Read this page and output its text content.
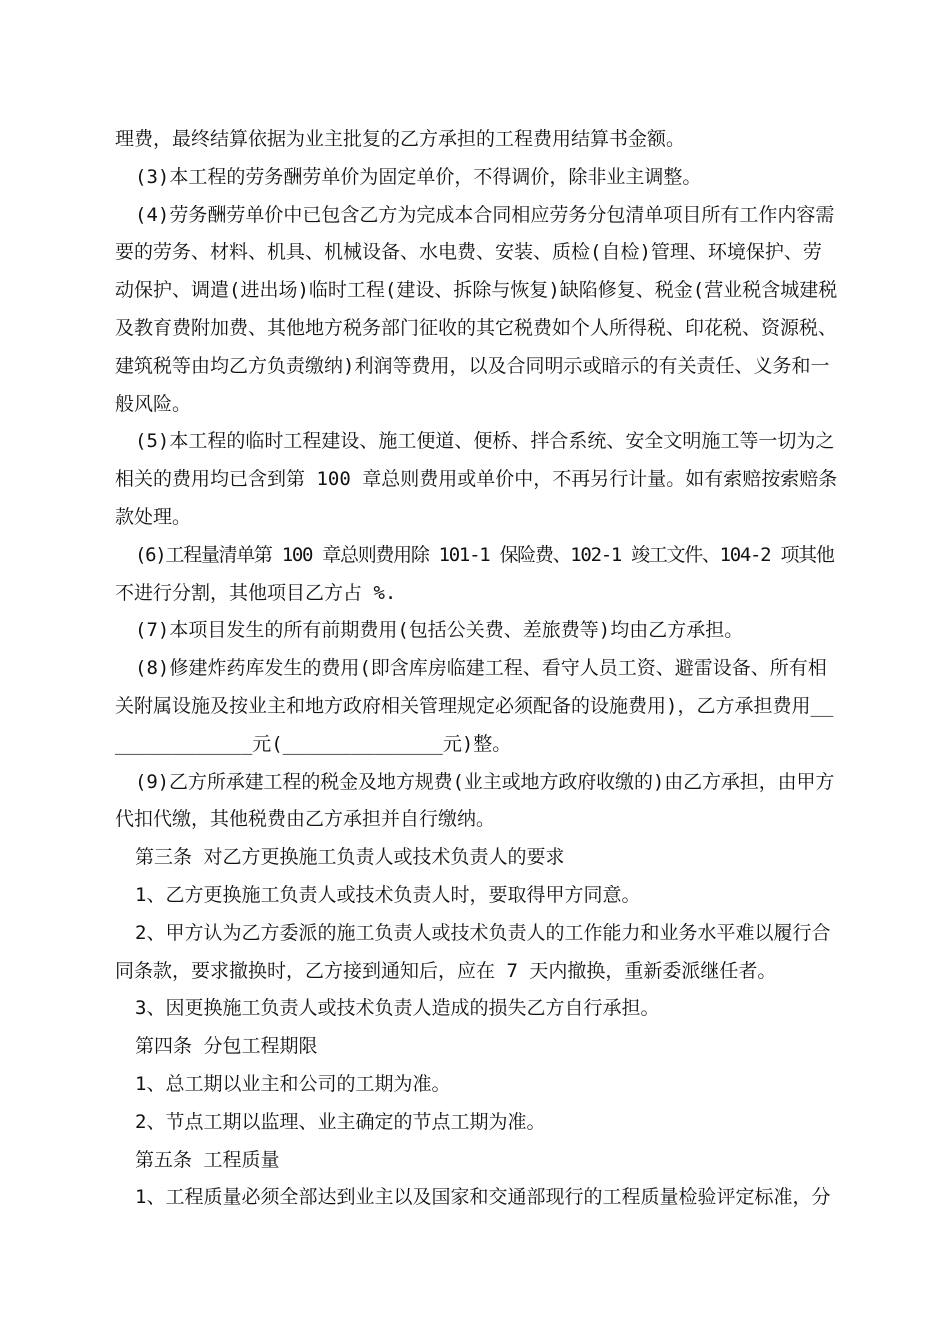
理费，最终结算依据为业主批复的乙方承担的工程费用结算书金额。
(3)本工程的劳务酬劳单价为固定单价，不得调价，除非业主调整。
(4)劳务酬劳单价中已包含乙方为完成本合同相应劳务分包清单项目所有工作内容需
要的劳务、材料、机具、机械设备、水电费、安装、质检(自检)管理、环境保护、劳
动保护、调遣(进出场)临时工程(建设、拆除与恢复)缺陷修复、税金(营业税含城建税
及教育费附加费、其他地方税务部门征收的其它税费如个人所得税、印花税、资源税、
建筑税等由均乙方负责缴纳)利润等费用，以及合同明示或暗示的有关责任、义务和一
般风险。
(5)本工程的临时工程建设、施工便道、便桥、拌合系统、安全文明施工等一切为之
相关的费用均已含到第 100 章总则费用或单价中，不再另行计量。如有索赔按索赔条
款处理。
(6)工程量清单第 100 章总则费用除 101-1 保险费、102-1 竣工文件、104-2 项其他
不进行分割，其他项目乙方占 %.
(7)本项目发生的所有前期费用(包括公关费、差旅费等)均由乙方承担。
(8)修建炸药库发生的费用(即含库房临建工程、看守人员工资、避雷设备、所有相
关附属设施及按业主和地方政府相关管理规定必须配备的设施费用)，乙方承担费用__
____________元(______________元)整。
(9)乙方所承建工程的税金及地方规费(业主或地方政府收缴的)由乙方承担，由甲方
代扣代缴，其他税费由乙方承担并自行缴纳。
第三条 对乙方更换施工负责人或技术负责人的要求
1、乙方更换施工负责人或技术负责人时，要取得甲方同意。
2、甲方认为乙方委派的施工负责人或技术负责人的工作能力和业务水平难以履行合
同条款，要求撤换时，乙方接到通知后，应在 7 天内撤换，重新委派继任者。
3、因更换施工负责人或技术负责人造成的损失乙方自行承担。
第四条 分包工程期限
1、总工期以业主和公司的工期为准。
2、节点工期以监理、业主确定的节点工期为准。
第五条 工程质量
1、工程质量必须全部达到业主以及国家和交通部现行的工程质量检验评定标准，分
